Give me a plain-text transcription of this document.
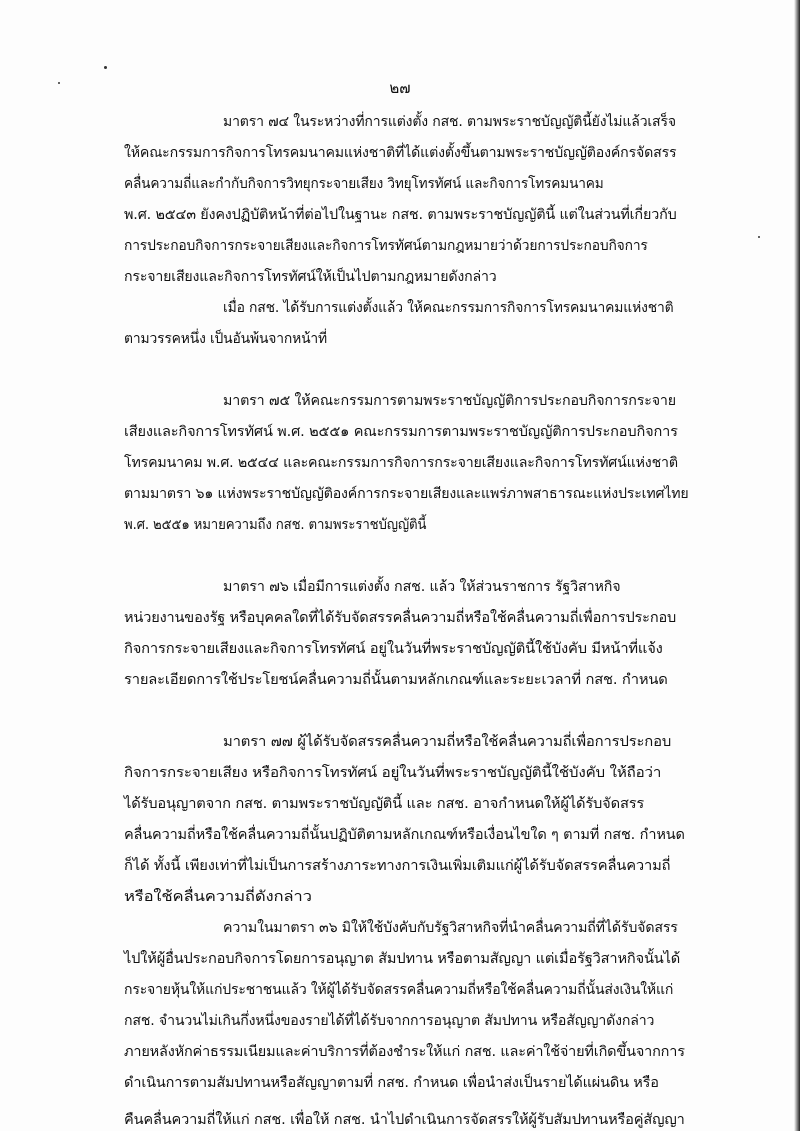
๒๗
มาตรา ๗๔ ในระหว่างที่การแต่งตั้ง กสช. ตามพระราชบัญญัตินี้ยังไม่แล้วเสร็จ
ให้คณะกรรมการกิจการโทรคมนาคมแห่งชาติที่ได้แต่งตั้งขึ้นตามพระราชบัญญัติองค์กรจัดสรร
คลื่นความถี่และกำกับกิจการวิทยุกระจายเสียง วิทยุโทรทัศน์ และกิจการโทรคมนาคม
พ.ศ. ๒๕๔๓ ยังคงปฏิบัติหน้าที่ต่อไปในฐานะ กสช. ตามพระราชบัญญัตินี้ แต่ในส่วนที่เกี่ยวกับ
การประกอบกิจการกระจายเสียงและกิจการโทรทัศน์ตามกฎหมายว่าด้วยการประกอบกิจการ
กระจายเสียงและกิจการโทรทัศน์ให้เป็นไปตามกฎหมายดังกล่าว
เมื่อ กสช. ได้รับการแต่งตั้งแล้ว ให้คณะกรรมการกิจการโทรคมนาคมแห่งชาติ
ตามวรรคหนึ่ง เป็นอันพ้นจากหน้าที่
มาตรา ๗๕ ให้คณะกรรมการตามพระราชบัญญัติการประกอบกิจการกระจาย
เสียงและกิจการโทรทัศน์ พ.ศ. ๒๕๕๑ คณะกรรมการตามพระราชบัญญัติการประกอบกิจการ
โทรคมนาคม พ.ศ. ๒๕๔๔ และคณะกรรมการกิจการกระจายเสียงและกิจการโทรทัศน์แห่งชาติ
ตามมาตรา ๖๑ แห่งพระราชบัญญัติองค์การกระจายเสียงและแพร่ภาพสาธารณะแห่งประเทศไทย
พ.ศ. ๒๕๕๑ หมายความถึง กสช. ตามพระราชบัญญัตินี้
มาตรา ๗๖ เมื่อมีการแต่งตั้ง กสช. แล้ว ให้ส่วนราชการ รัฐวิสาหกิจ
หน่วยงานของรัฐ หรือบุคคลใดที่ได้รับจัดสรรคลื่นความถี่หรือใช้คลื่นความถี่เพื่อการประกอบ
กิจการกระจายเสียงและกิจการโทรทัศน์ อยู่ในวันที่พระราชบัญญัตินี้ใช้บังคับ มีหน้าที่แจ้ง
รายละเอียดการใช้ประโยชน์คลื่นความถี่นั้นตามหลักเกณฑ์และระยะเวลาที่ กสช. กำหนด
มาตรา ๗๗ ผู้ได้รับจัดสรรคลื่นความถี่หรือใช้คลื่นความถี่เพื่อการประกอบ
กิจการกระจายเสียง หรือกิจการโทรทัศน์ อยู่ในวันที่พระราชบัญญัตินี้ใช้บังคับ ให้ถือว่า
ได้รับอนุญาตจาก กสช. ตามพระราชบัญญัตินี้ และ กสช. อาจกำหนดให้ผู้ได้รับจัดสรร
คลื่นความถี่หรือใช้คลื่นความถี่นั้นปฏิบัติตามหลักเกณฑ์หรือเงื่อนไขใด ๆ ตามที่ กสช. กำหนด
ก็ได้ ทั้งนี้ เพียงเท่าที่ไม่เป็นการสร้างภาระทางการเงินเพิ่มเติมแก่ผู้ได้รับจัดสรรคลื่นความถี่
หรือใช้คลื่นความถี่ดังกล่าว
ความในมาตรา ๓๖ มิให้ใช้บังคับกับรัฐวิสาหกิจที่นำคลื่นความถี่ที่ได้รับจัดสรร
ไปให้ผู้อื่นประกอบกิจการโดยการอนุญาต สัมปทาน หรือตามสัญญา แต่เมื่อรัฐวิสาหกิจนั้นได้
กระจายหุ้นให้แก่ประชาชนแล้ว ให้ผู้ได้รับจัดสรรคลื่นความถี่หรือใช้คลื่นความถี่นั้นส่งเงินให้แก่
กสช. จำนวนไม่เกินกึ่งหนึ่งของรายได้ที่ได้รับจากการอนุญาต สัมปทาน หรือสัญญาดังกล่าว
ภายหลังหักค่าธรรมเนียมและค่าบริการที่ต้องชำระให้แก่ กสช. และค่าใช้จ่ายที่เกิดขึ้นจากการ
ดำเนินการตามสัมปทานหรือสัญญาตามที่ กสช. กำหนด เพื่อนำส่งเป็นรายได้แผ่นดิน หรือ
คืนคลื่นความถี่ให้แก่ กสช. เพื่อให้ กสช. นำไปดำเนินการจัดสรรให้ผู้รับสัมปทานหรือคู่สัญญา
